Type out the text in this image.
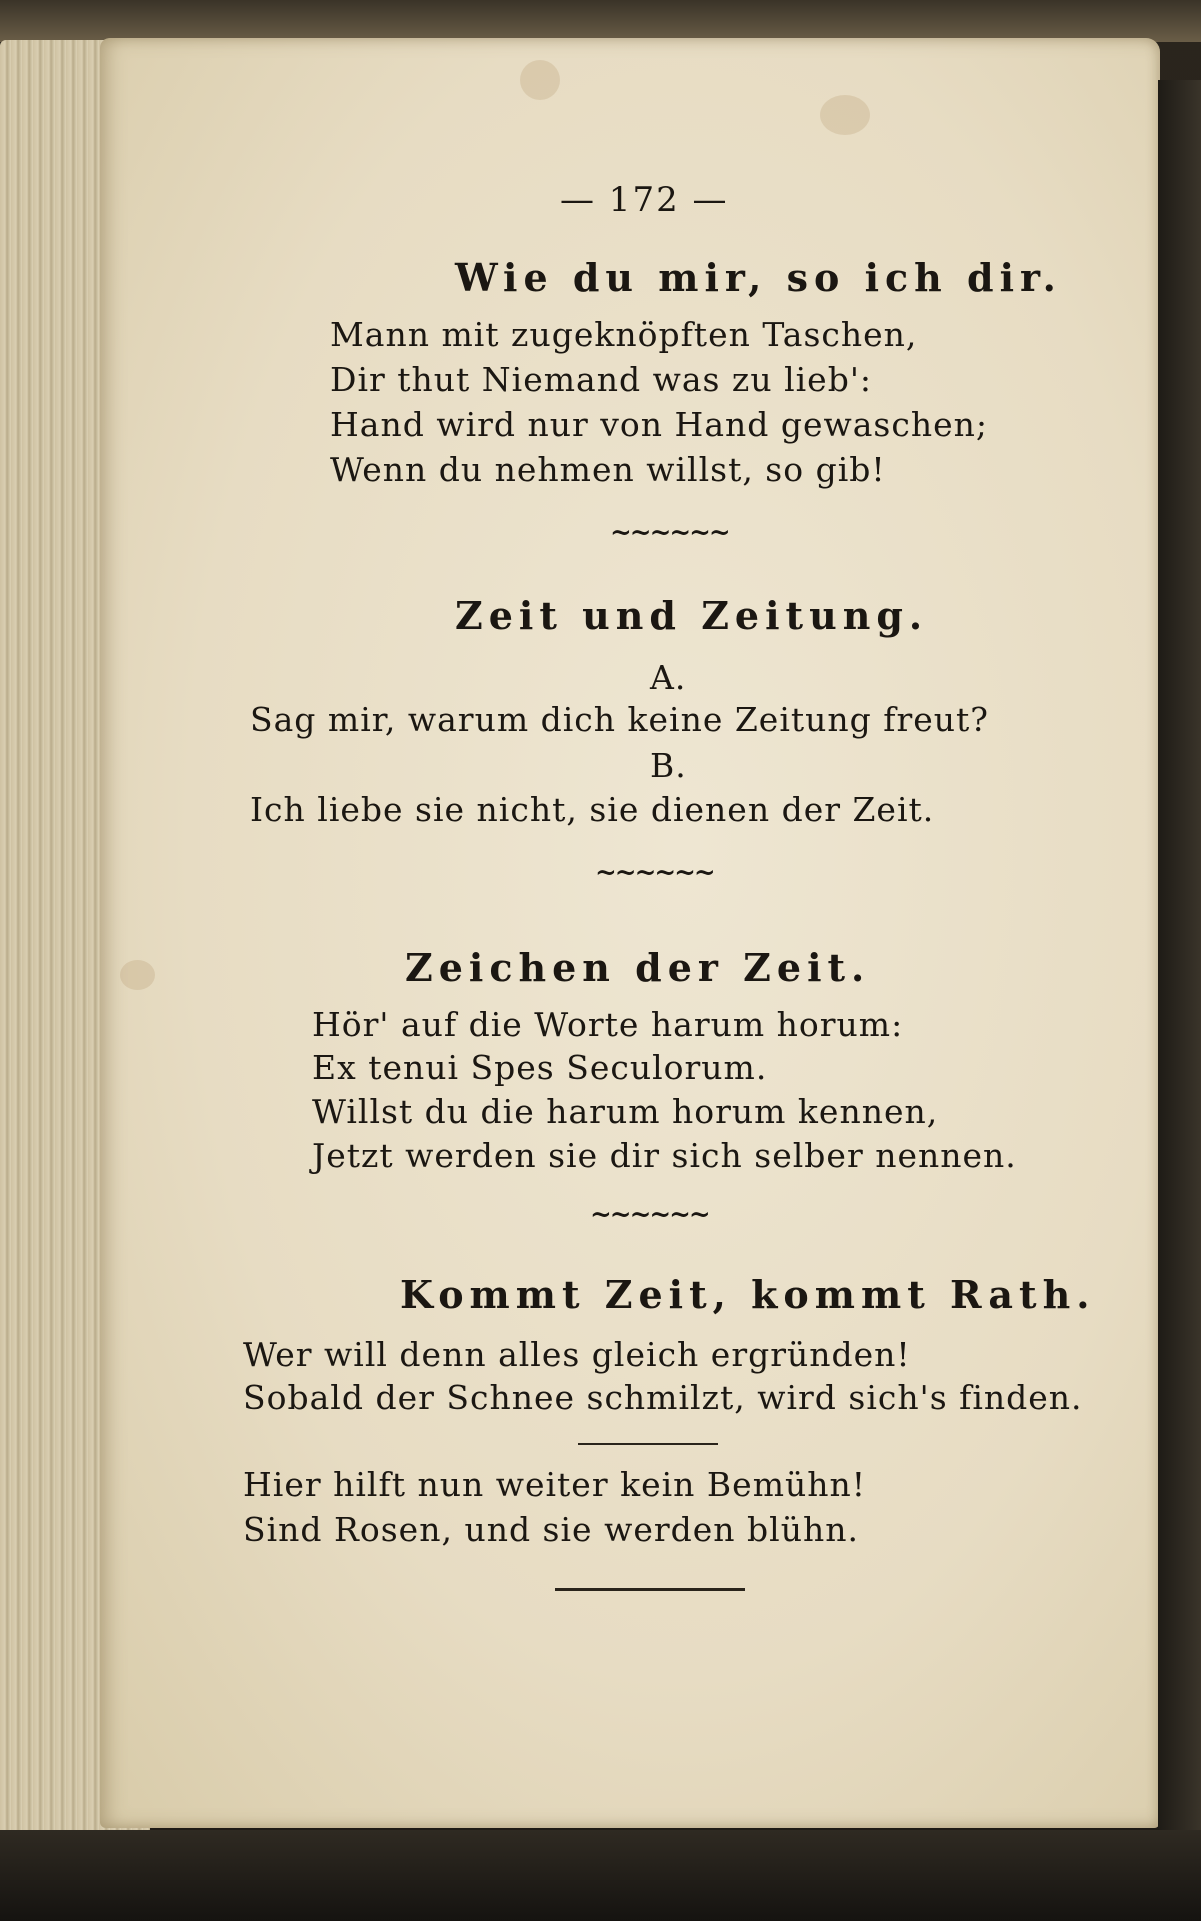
— 172 —
Wie du mir, so ich dir.
Mann mit zugeknöpften Taschen,
Dir thut Niemand was zu lieb':
Hand wird nur von Hand gewaschen;
Wenn du nehmen willst, so gib!
~~~~~~
Zeit und Zeitung.
A.
Sag mir, warum dich keine Zeitung freut?
B.
Ich liebe sie nicht, sie dienen der Zeit.
~~~~~~
Zeichen der Zeit.
Hör' auf die Worte harum horum:
Ex tenui Spes Seculorum.
Willst du die harum horum kennen,
Jetzt werden sie dir sich selber nennen.
~~~~~~
Kommt Zeit, kommt Rath.
Wer will denn alles gleich ergründen!
Sobald der Schnee schmilzt, wird sich's finden.
Hier hilft nun weiter kein Bemühn!
Sind Rosen, und sie werden blühn.
